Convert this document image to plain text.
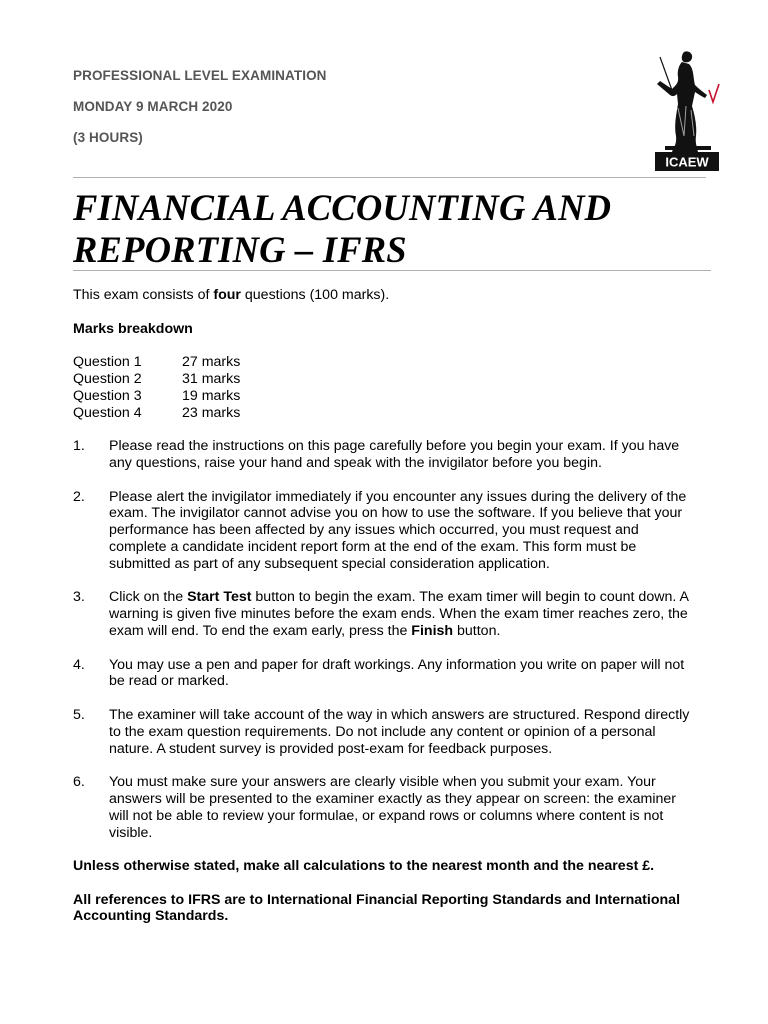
PROFESSIONAL LEVEL EXAMINATION
MONDAY 9 MARCH 2020
(3 HOURS)
ICAEW
FINANCIAL ACCOUNTING AND
REPORTING – IFRS

This exam consists of four questions (100 marks).

Marks breakdown

Question 1	27 marks
Question 2	31 marks
Question 3	19 marks
Question 4	23 marks
1.	Please read the instructions on this page carefully before you begin your exam. If you have
any questions, raise your hand and speak with the invigilator before you begin.
2.	Please alert the invigilator immediately if you encounter any issues during the delivery of the
exam. The invigilator cannot advise you on how to use the software. If you believe that your
performance has been affected by any issues which occurred, you must request and
complete a candidate incident report form at the end of the exam. This form must be
submitted as part of any subsequent special consideration application.
3.	Click on the Start Test button to begin the exam. The exam timer will begin to count down. A
warning is given five minutes before the exam ends. When the exam timer reaches zero, the
exam will end. To end the exam early, press the Finish button.
4.	You may use a pen and paper for draft workings. Any information you write on paper will not
be read or marked.
5.	The examiner will take account of the way in which answers are structured. Respond directly
to the exam question requirements. Do not include any content or opinion of a personal
nature. A student survey is provided post-exam for feedback purposes.
6.	You must make sure your answers are clearly visible when you submit your exam. Your
answers will be presented to the examiner exactly as they appear on screen: the examiner
will not be able to review your formulae, or expand rows or columns where content is not
visible.

Unless otherwise stated, make all calculations to the nearest month and the nearest £.

All references to IFRS are to International Financial Reporting Standards and International
Accounting Standards.
